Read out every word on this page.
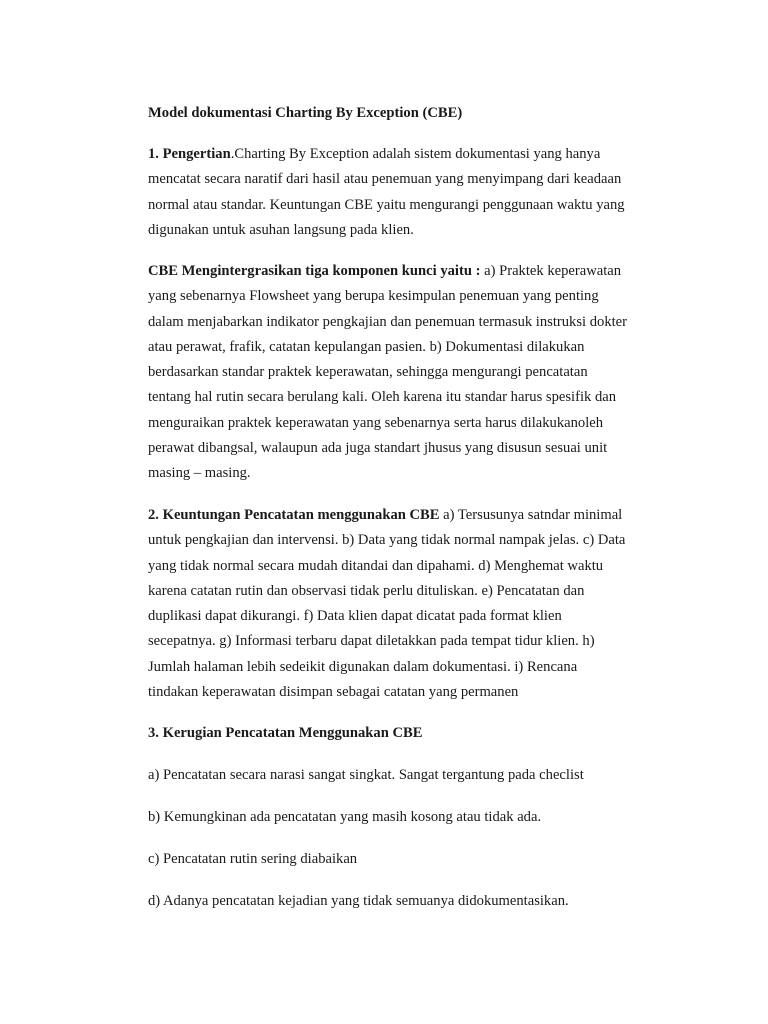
Model dokumentasi Charting By Exception (CBE)

1. Pengertian.Charting By Exception adalah sistem dokumentasi yang hanya
mencatat secara naratif dari hasil atau penemuan yang menyimpang dari keadaan
normal atau standar. Keuntungan CBE yaitu mengurangi penggunaan waktu yang
digunakan untuk asuhan langsung pada klien.
CBE Mengintergrasikan tiga komponen kunci yaitu : a) Praktek keperawatan
yang sebenarnya Flowsheet yang berupa kesimpulan penemuan yang penting
dalam menjabarkan indikator pengkajian dan penemuan termasuk instruksi dokter
atau perawat, frafik, catatan kepulangan pasien. b) Dokumentasi dilakukan
berdasarkan standar praktek keperawatan, sehingga mengurangi pencatatan
tentang hal rutin secara berulang kali. Oleh karena itu standar harus spesifik dan
menguraikan praktek keperawatan yang sebenarnya serta harus dilakukanoleh
perawat dibangsal, walaupun ada juga standart jhusus yang disusun sesuai unit
masing – masing.
2. Keuntungan Pencatatan menggunakan CBE a) Tersusunya satndar minimal
untuk pengkajian dan intervensi. b) Data yang tidak normal nampak jelas. c) Data
yang tidak normal secara mudah ditandai dan dipahami. d) Menghemat waktu
karena catatan rutin dan observasi tidak perlu dituliskan. e) Pencatatan dan
duplikasi dapat dikurangi. f) Data klien dapat dicatat pada format klien
secepatnya. g) Informasi terbaru dapat diletakkan pada tempat tidur klien. h)
Jumlah halaman lebih sedeikit digunakan dalam dokumentasi. i) Rencana
tindakan keperawatan disimpan sebagai catatan yang permanen

3. Kerugian Pencatatan Menggunakan CBE

a) Pencatatan secara narasi sangat singkat. Sangat tergantung pada checlist

b) Kemungkinan ada pencatatan yang masih kosong atau tidak ada.

c) Pencatatan rutin sering diabaikan

d) Adanya pencatatan kejadian yang tidak semuanya didokumentasikan.
